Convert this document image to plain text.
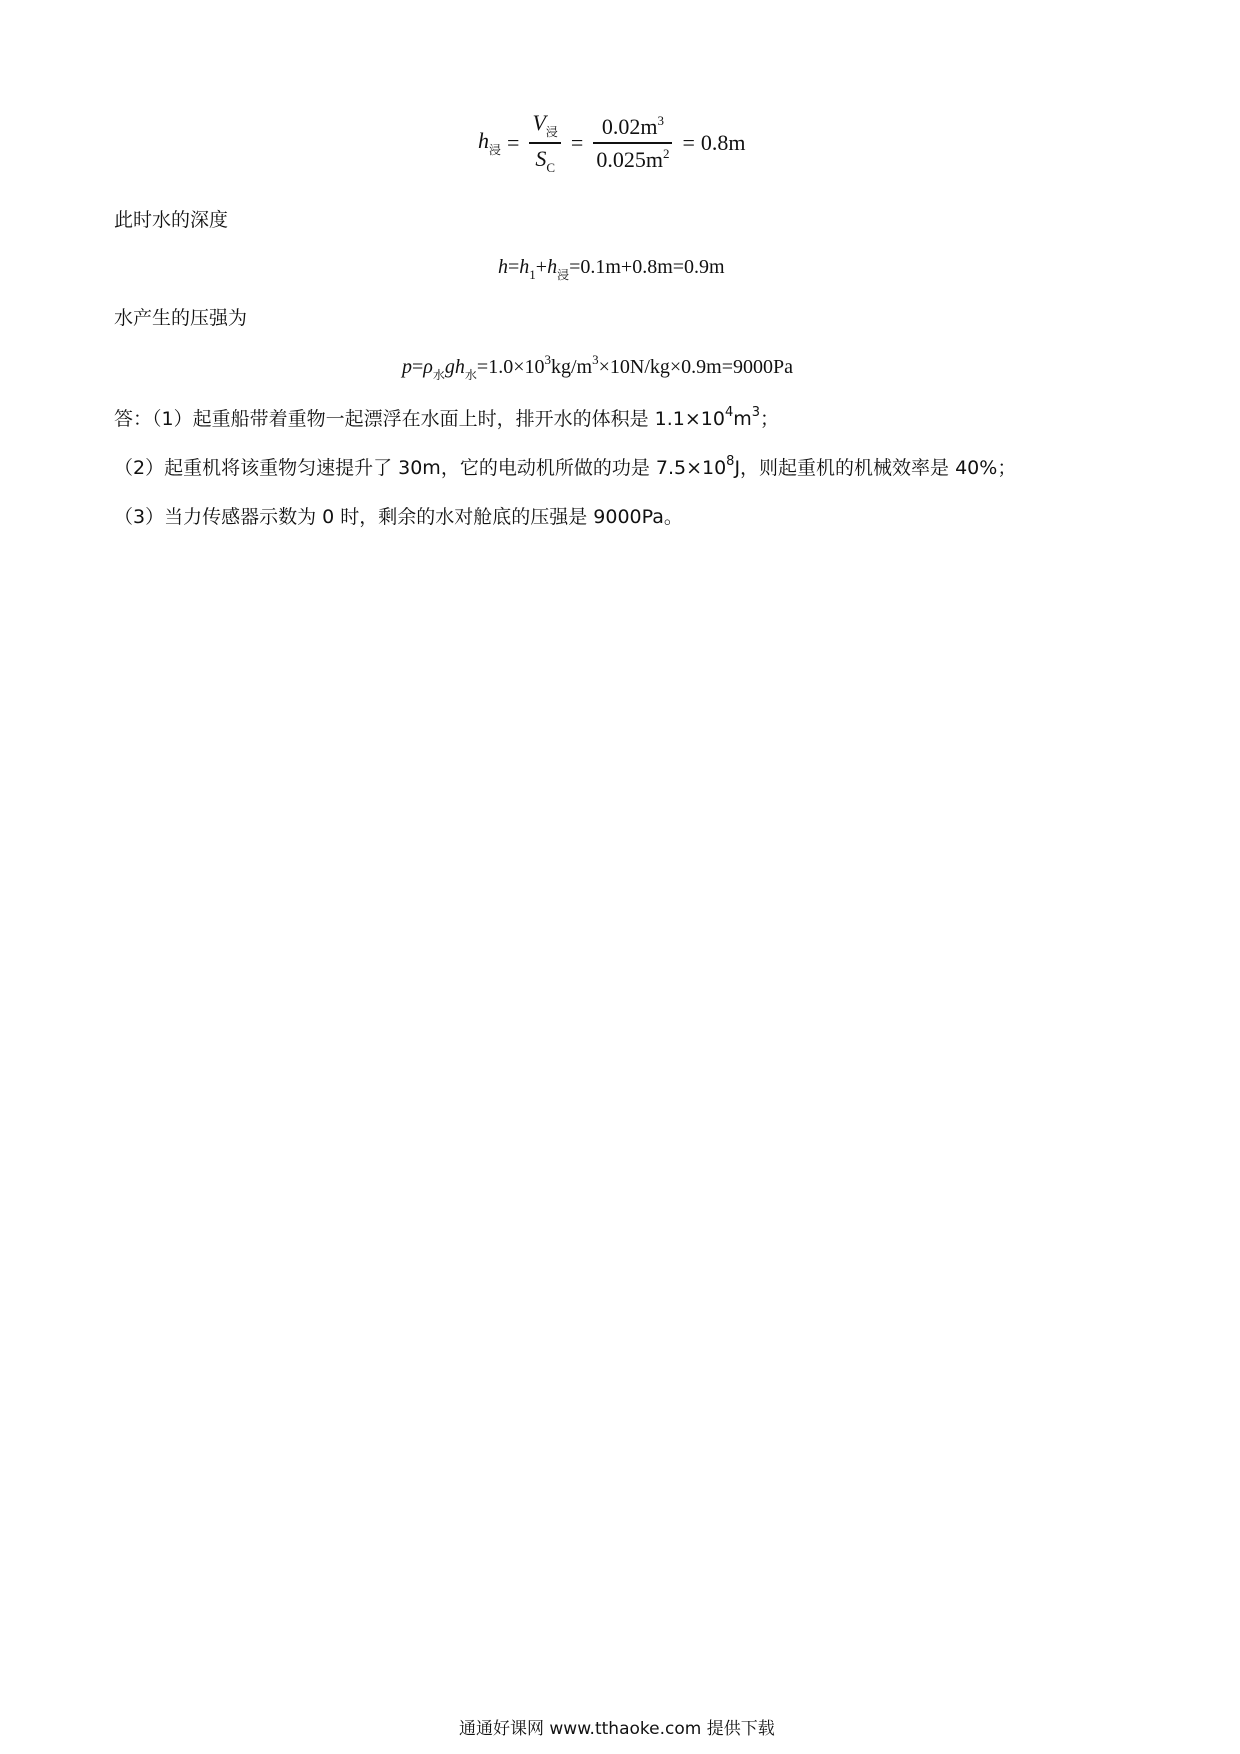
$h_浸 = \frac{V_浸}{S_C} = \frac{0.02m^3}{0.025m^2} = 0.8m$
此时水的深度
$h=h_1+h_浸=0.1m+0.8m=0.9m$
水产生的压强为
$p=\rho_水gh_水=1.0\times 10^3kg/m^3\times 10N/kg\times 0.9m=9000Pa$
答：（1）起重船带着重物一起漂浮在水面上时，排开水的体积是 $1.1\times 10^4m^3$；
（2）起重机将该重物匀速提升了 30m，它的电动机所做的功是 $7.5\times 10^8J$，则起重机的机械效率是 40%；
（3）当力传感器示数为 0 时，剩余的水对舱底的压强是 9000Pa。
通通好课网 www.tthaoke.com 提供下载
